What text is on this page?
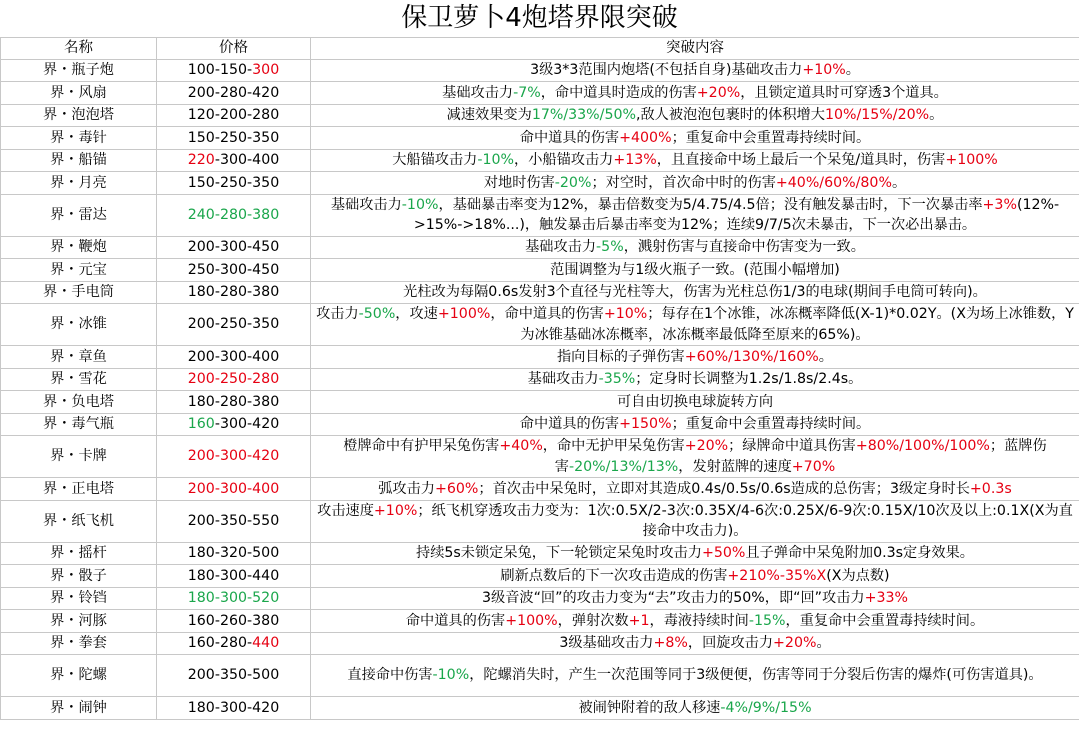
保卫萝卜4炮塔界限突破
名称	价格	突破内容
界・瓶子炮	100-150-300	3级3*3范围内炮塔(不包括自身)基础攻击力+10%。
界・风扇	200-280-420	基础攻击力-7%，命中道具时造成的伤害+20%，且锁定道具时可穿透3个道具。
界・泡泡塔	120-200-280	减速效果变为17%/33%/50%,敌人被泡泡包裹时的体积增大10%/15%/20%。
界・毒针	150-250-350	命中道具的伤害+400%；重复命中会重置毒持续时间。
界・船锚	220-300-400	大船锚攻击力-10%，小船锚攻击力+13%，且直接命中场上最后一个呆兔/道具时，伤害+100%
界・月亮	150-250-350	对地时伤害-20%；对空时，首次命中时的伤害+40%/60%/80%。
界・雷达	240-280-380	基础攻击力-10%，基础暴击率变为12%，暴击倍数变为5/4.75/4.5倍；没有触发暴击时，下一次暴击率+3%(12%->15%->18%...)，触发暴击后暴击率变为12%；连续9/7/5次未暴击，下一次必出暴击。
界・鞭炮	200-300-450	基础攻击力-5%，溅射伤害与直接命中伤害变为一致。
界・元宝	250-300-450	范围调整为与1级火瓶子一致。(范围小幅增加)
界・手电筒	180-280-380	光柱改为每隔0.6s发射3个直径与光柱等大，伤害为光柱总伤1/3的电球(期间手电筒可转向)。
界・冰锥	200-250-350	攻击力-50%，攻速+100%，命中道具的伤害+10%；每存在1个冰锥，冰冻概率降低(X-1)*0.02Y。(X为场上冰锥数，Y为冰锥基础冰冻概率，冰冻概率最低降至原来的65%)。
界・章鱼	200-300-400	指向目标的子弹伤害+60%/130%/160%。
界・雪花	200-250-280	基础攻击力-35%；定身时长调整为1.2s/1.8s/2.4s。
界・负电塔	180-280-380	可自由切换电球旋转方向
界・毒气瓶	160-300-420	命中道具的伤害+150%；重复命中会重置毒持续时间。
界・卡牌	200-300-420	橙牌命中有护甲呆兔伤害+40%，命中无护甲呆兔伤害+20%；绿牌命中道具伤害+80%/100%/100%；蓝牌伤害-20%/13%/13%，发射蓝牌的速度+70%
界・正电塔	200-300-400	弧攻击力+60%；首次击中呆兔时，立即对其造成0.4s/0.5s/0.6s造成的总伤害；3级定身时长+0.3s
界・纸飞机	200-350-550	攻击速度+10%；纸飞机穿透攻击力变为：1次:0.5X/2-3次:0.35X/4-6次:0.25X/6-9次:0.15X/10次及以上:0.1X(X为直接命中攻击力)。
界・摇杆	180-320-500	持续5s未锁定呆兔，下一轮锁定呆兔时攻击力+50%且子弹命中呆兔附加0.3s定身效果。
界・骰子	180-300-440	刷新点数后的下一次攻击造成的伤害+210%-35%X(X为点数)
界・铃铛	180-300-520	3级音波“回”的攻击力变为“去”攻击力的50%，即“回”攻击力+33%
界・河豚	160-260-380	命中道具的伤害+100%，弹射次数+1，毒液持续时间-15%，重复命中会重置毒持续时间。
界・拳套	160-280-440	3级基础攻击力+8%，回旋攻击力+20%。
界・陀螺	200-350-500	直接命中伤害-10%，陀螺消失时，产生一次范围等同于3级便便，伤害等同于分裂后伤害的爆炸(可伤害道具)。
界・闹钟	180-300-420	被闹钟附着的敌人移速-4%/9%/15%
